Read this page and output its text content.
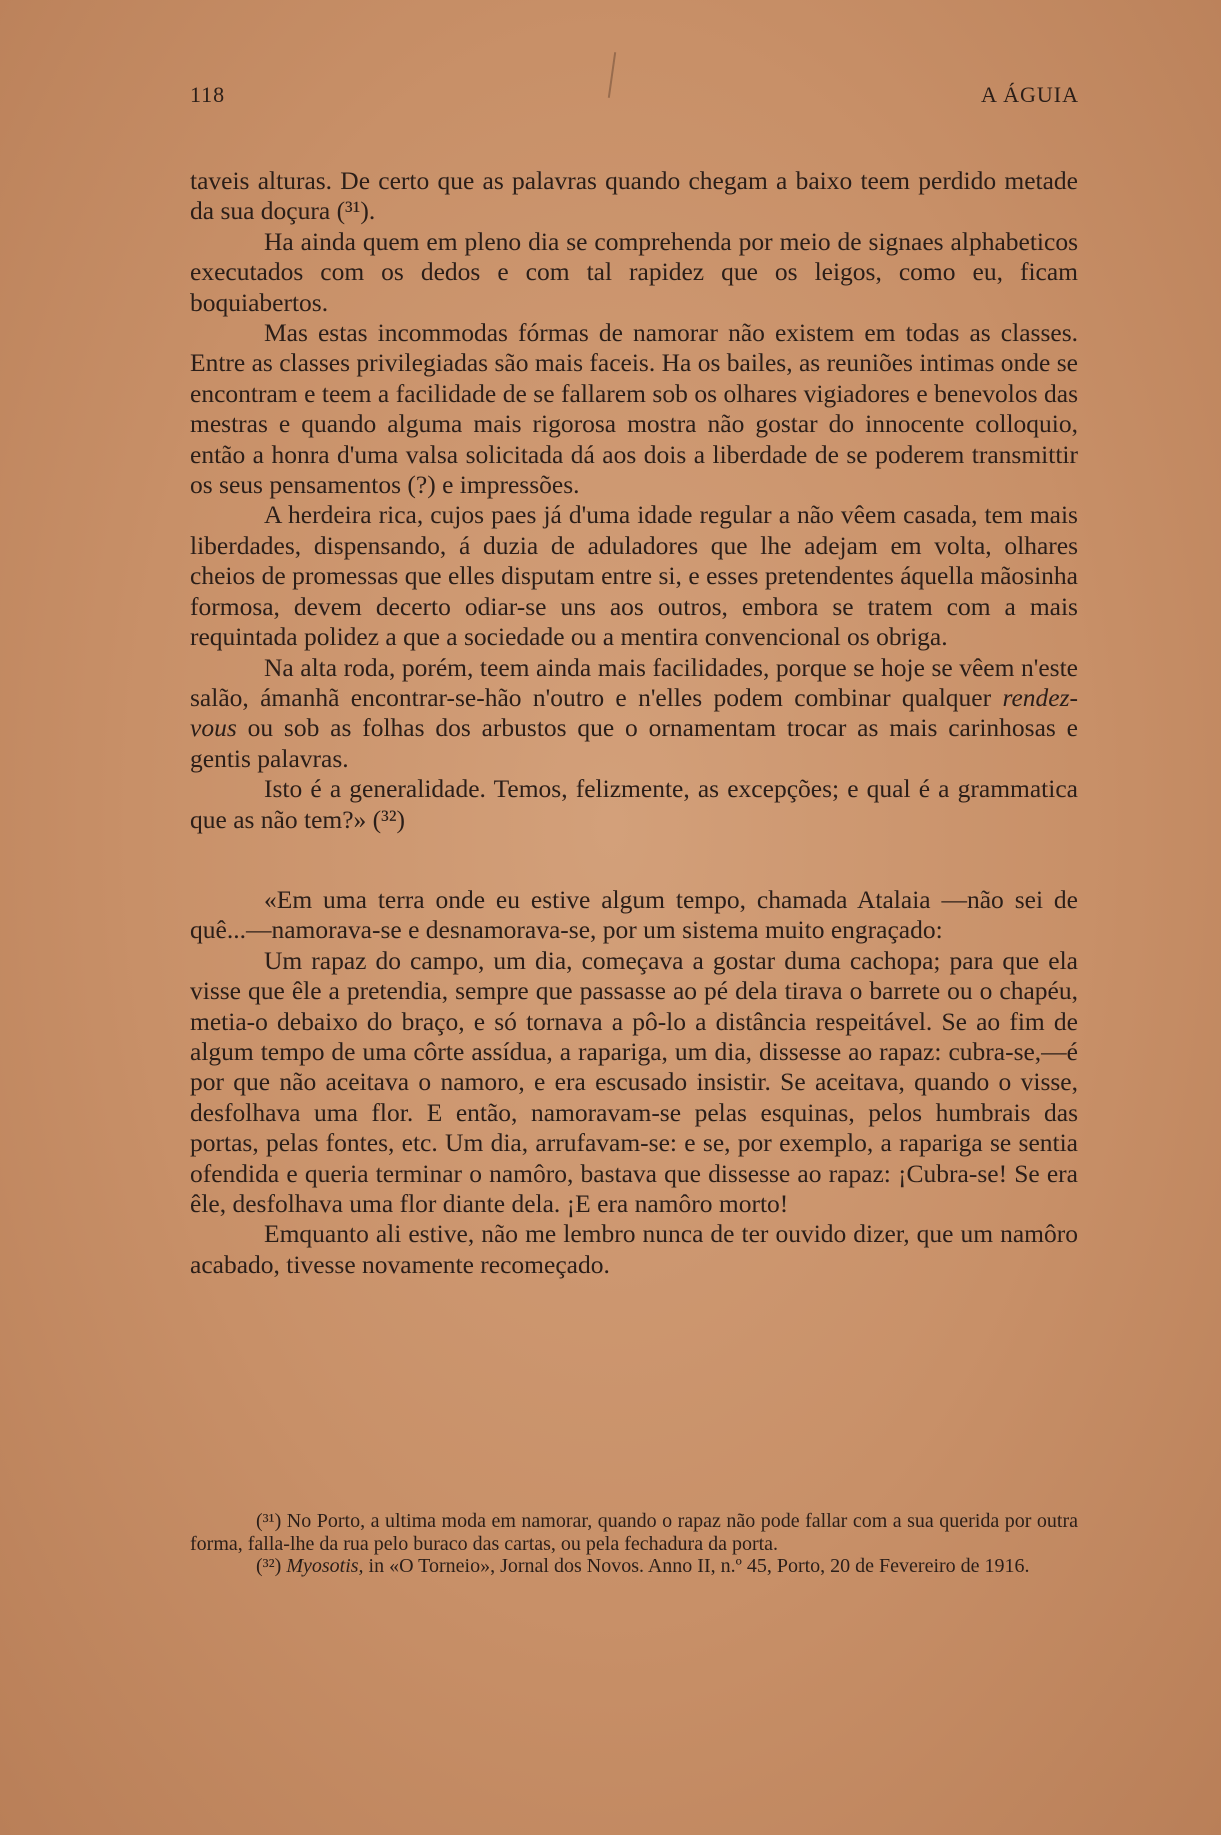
118	A ÁGUIA

taveis alturas. De certo que as palavras quando chegam a baixo teem perdido metade da sua doçura (³¹).

Ha ainda quem em pleno dia se comprehenda por meio de signaes alphabeticos executados com os dedos e com tal rapidez que os leigos, como eu, ficam boquiabertos.

Mas estas incommodas fórmas de namorar não existem em todas as classes. Entre as classes privilegiadas são mais faceis. Ha os bailes, as reuniões intimas onde se encontram e teem a facilidade de se fallarem sob os olhares vigiadores e benevolos das mestras e quando alguma mais rigorosa mostra não gostar do innocente colloquio, então a honra d'uma valsa solicitada dá aos dois a liberdade de se poderem transmittir os seus pensamentos (?) e impressões.

A herdeira rica, cujos paes já d'uma idade regular a não vêem casada, tem mais liberdades, dispensando, á duzia de aduladores que lhe adejam em volta, olhares cheios de promessas que elles disputam entre si, e esses pretendentes áquella mãosinha formosa, devem decerto odiar-se uns aos outros, embora se tratem com a mais requintada polidez a que a sociedade ou a mentira convencional os obriga.

Na alta roda, porém, teem ainda mais facilidades, porque se hoje se vêem n'este salão, ámanhã encontrar-se-hão n'outro e n'elles podem combinar qualquer rendez-vous ou sob as folhas dos arbustos que o ornamentam trocar as mais carinhosas e gentis palavras.

Isto é a generalidade. Temos, felizmente, as excepções; e qual é a grammatica que as não tem?» (³²)

«Em uma terra onde eu estive algum tempo, chamada Atalaia —não sei de quê...—namorava-se e desnamorava-se, por um sistema muito engraçado:

Um rapaz do campo, um dia, começava a gostar duma cachopa; para que ela visse que êle a pretendia, sempre que passasse ao pé dela tirava o barrete ou o chapéu, metia-o debaixo do braço, e só tornava a pô-lo a distância respeitável. Se ao fim de algum tempo de uma côrte assídua, a rapariga, um dia, dissesse ao rapaz: cubra-se,—é por que não aceitava o namoro, e era escusado insistir. Se aceitava, quando o visse, desfolhava uma flor. E então, namoravam-se pelas esquinas, pelos humbrais das portas, pelas fontes, etc. Um dia, arrufavam-se: e se, por exemplo, a rapariga se sentia ofendida e queria terminar o namôro, bastava que dissesse ao rapaz: ¡Cubra-se! Se era êle, desfolhava uma flor diante dela. ¡E era namôro morto!

Emquanto ali estive, não me lembro nunca de ter ouvido dizer, que um namôro acabado, tivesse novamente recomeçado.

(³¹) No Porto, a ultima moda em namorar, quando o rapaz não pode fallar com a sua querida por outra forma, falla-lhe da rua pelo buraco das cartas, ou pela fechadura da porta.

(³²) Myosotis, in «O Torneio», Jornal dos Novos. Anno II, n.º 45, Porto, 20 de Fevereiro de 1916.
